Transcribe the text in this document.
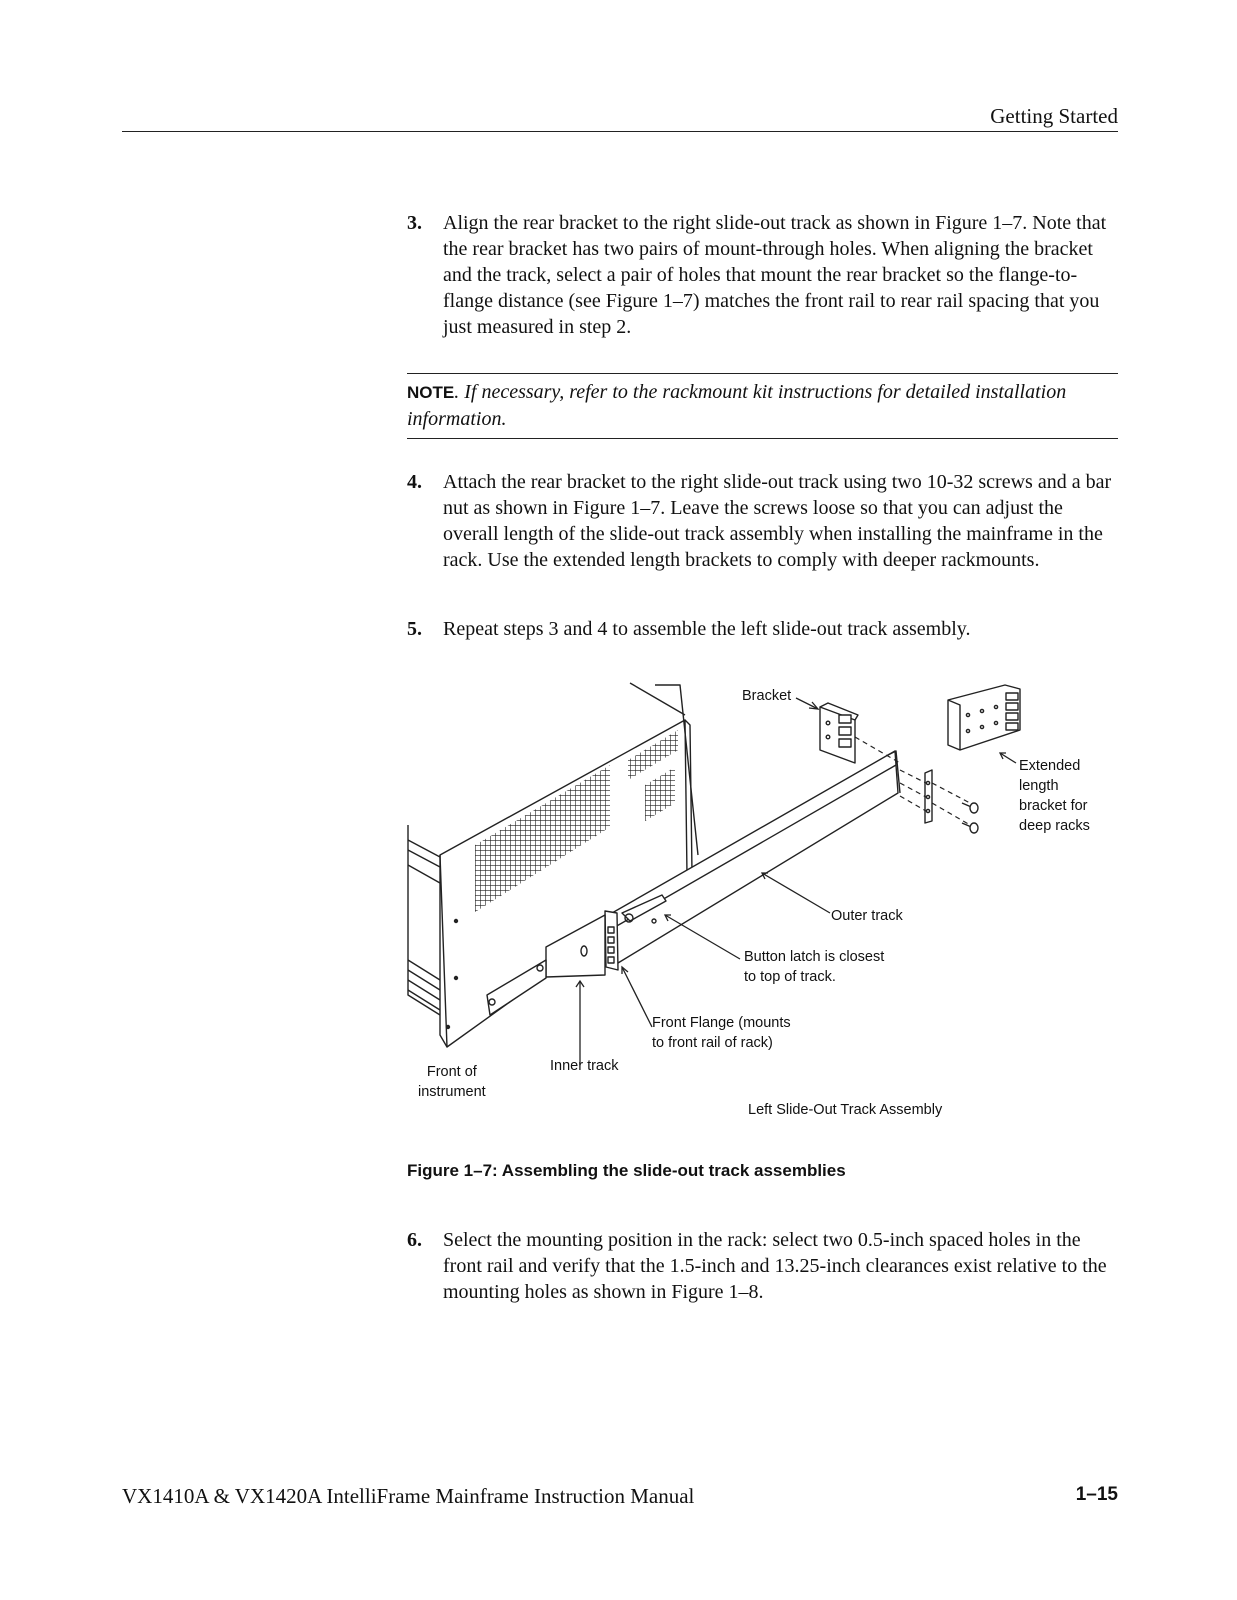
Getting Started
3. Align the rear bracket to the right slide-out track as shown in Figure 1–7. Note that the rear bracket has two pairs of mount-through holes. When aligning the bracket and the track, select a pair of holes that mount the rear bracket so the flange-to-flange distance (see Figure 1–7) matches the front rail to rear rail spacing that you just measured in step 2.
NOTE. If necessary, refer to the rackmount kit instructions for detailed installation information.
4. Attach the rear bracket to the right slide-out track using two 10-32 screws and a bar nut as shown in Figure 1–7. Leave the screws loose so that you can adjust the overall length of the slide-out track assembly when installing the mainframe in the rack. Use the extended length brackets to comply with deeper rackmounts.
5. Repeat steps 3 and 4 to assemble the left slide-out track assembly.
Bracket
Extended
length
bracket for
deep racks
Outer track
Button latch is closest
to top of track.
Front Flange (mounts
to front rail of rack)
Inner track
Front of
instrument
Left Slide-Out Track Assembly
Figure 1–7: Assembling the slide-out track assemblies
6. Select the mounting position in the rack: select two 0.5-inch spaced holes in the front rail and verify that the 1.5-inch and 13.25-inch clearances exist relative to the mounting holes as shown in Figure 1–8.
VX1410A & VX1420A IntelliFrame Mainframe Instruction Manual	1–15
